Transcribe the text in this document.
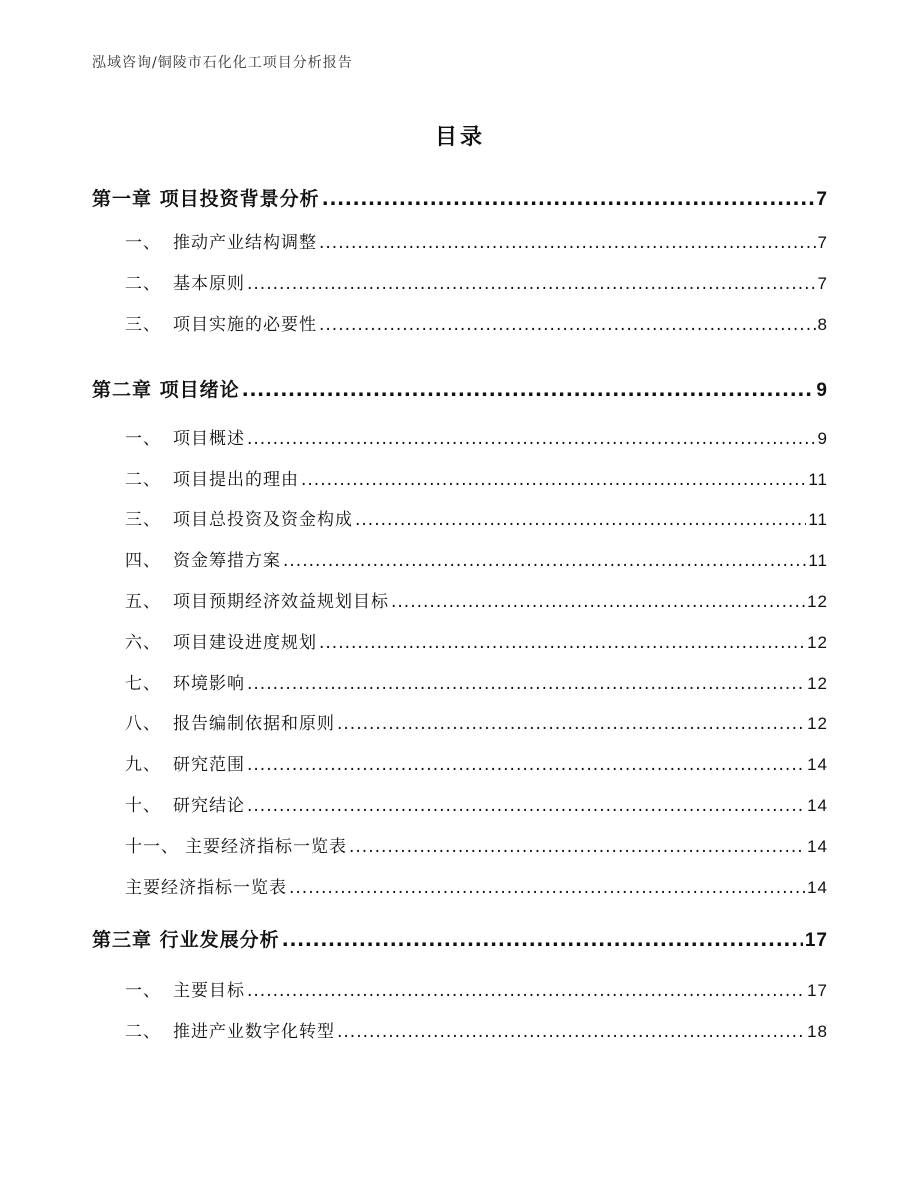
泓域咨询/铜陵市石化化工项目分析报告
目录
第一章 项目投资背景分析 .....	7
一、 推动产业结构调整 .....	7
二、 基本原则 .....	7
三、 项目实施的必要性 .....	8
第二章 项目绪论 .....	9
一、 项目概述 .....	9
二、 项目提出的理由 .....	11
三、 项目总投资及资金构成 .....	11
四、 资金筹措方案 .....	11
五、 项目预期经济效益规划目标 .....	12
六、 项目建设进度规划 .....	12
七、 环境影响 .....	12
八、 报告编制依据和原则 .....	12
九、 研究范围 .....	14
十、 研究结论 .....	14
十一、 主要经济指标一览表 .....	14
主要经济指标一览表 .....	14
第三章 行业发展分析 .....	17
一、 主要目标 .....	17
二、 推进产业数字化转型 .....	18
